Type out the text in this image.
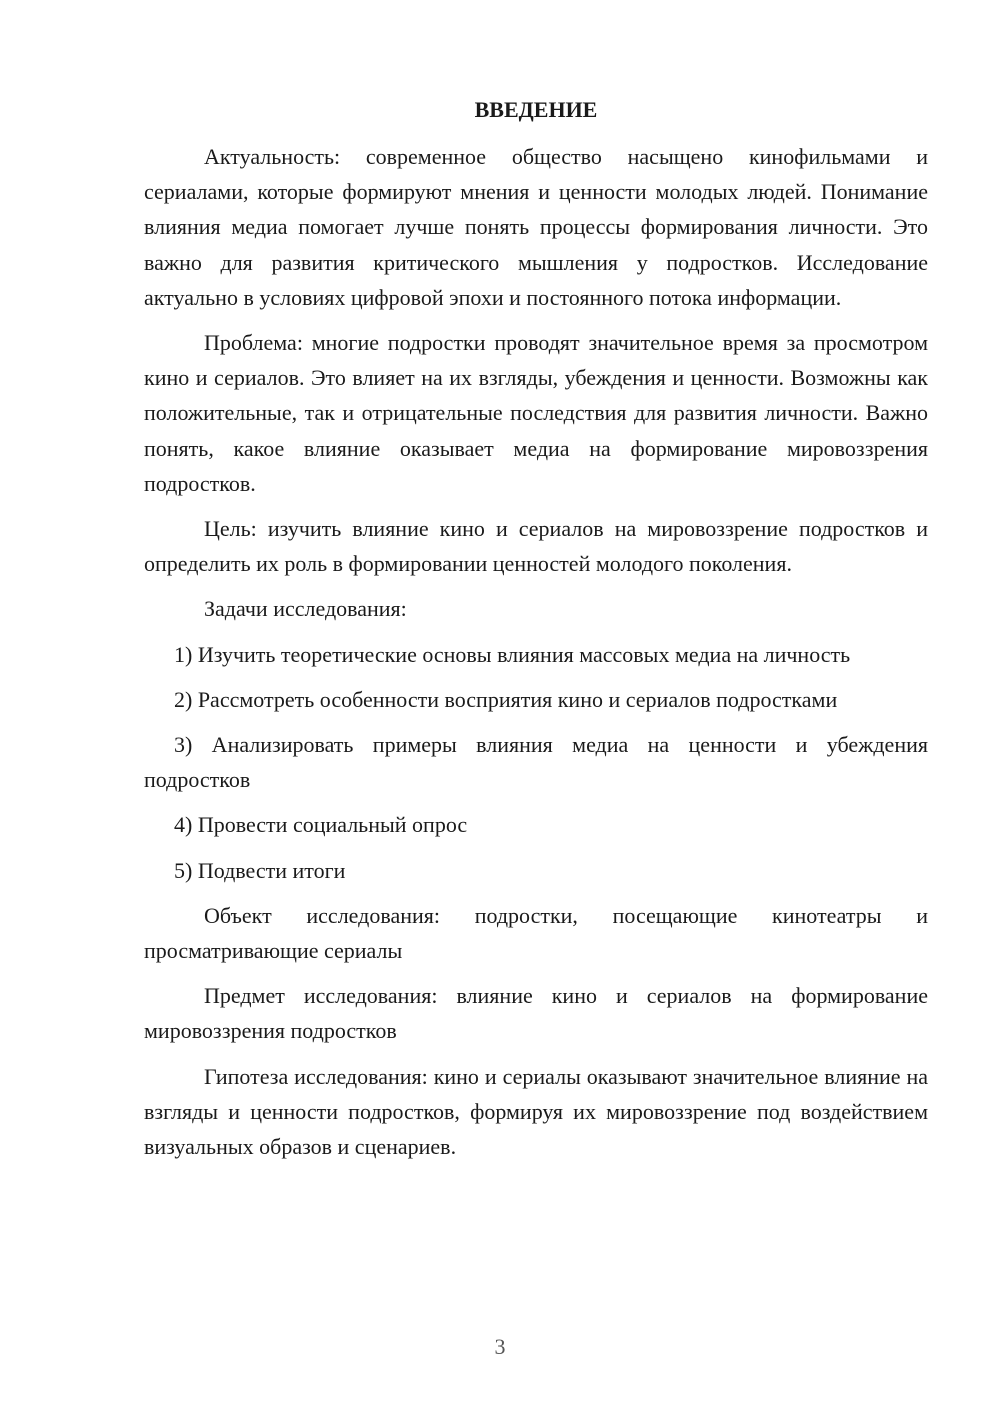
ВВЕДЕНИЕ

Актуальность: современное общество насыщено кинофильмами и сериалами, которые формируют мнения и ценности молодых людей. Понимание влияния медиа помогает лучше понять процессы формирования личности. Это важно для развития критического мышления у подростков. Исследование актуально в условиях цифровой эпохи и постоянного потока информации.

Проблема: многие подростки проводят значительное время за просмотром кино и сериалов. Это влияет на их взгляды, убеждения и ценности. Возможны как положительные, так и отрицательные последствия для развития личности. Важно понять, какое влияние оказывает медиа на формирование мировоззрения подростков.

Цель: изучить влияние кино и сериалов на мировоззрение подростков и определить их роль в формировании ценностей молодого поколения.

Задачи исследования:

1) Изучить теоретические основы влияния массовых медиа на личность

2) Рассмотреть особенности восприятия кино и сериалов подростками

3) Анализировать примеры влияния медиа на ценности и убеждения подростков

4) Провести социальный опрос

5) Подвести итоги

Объект исследования: подростки, посещающие кинотеатры и просматривающие сериалы

Предмет исследования: влияние кино и сериалов на формирование мировоззрения подростков

Гипотеза исследования: кино и сериалы оказывают значительное влияние на взгляды и ценности подростков, формируя их мировоззрение под воздействием визуальных образов и сценариев.

3
